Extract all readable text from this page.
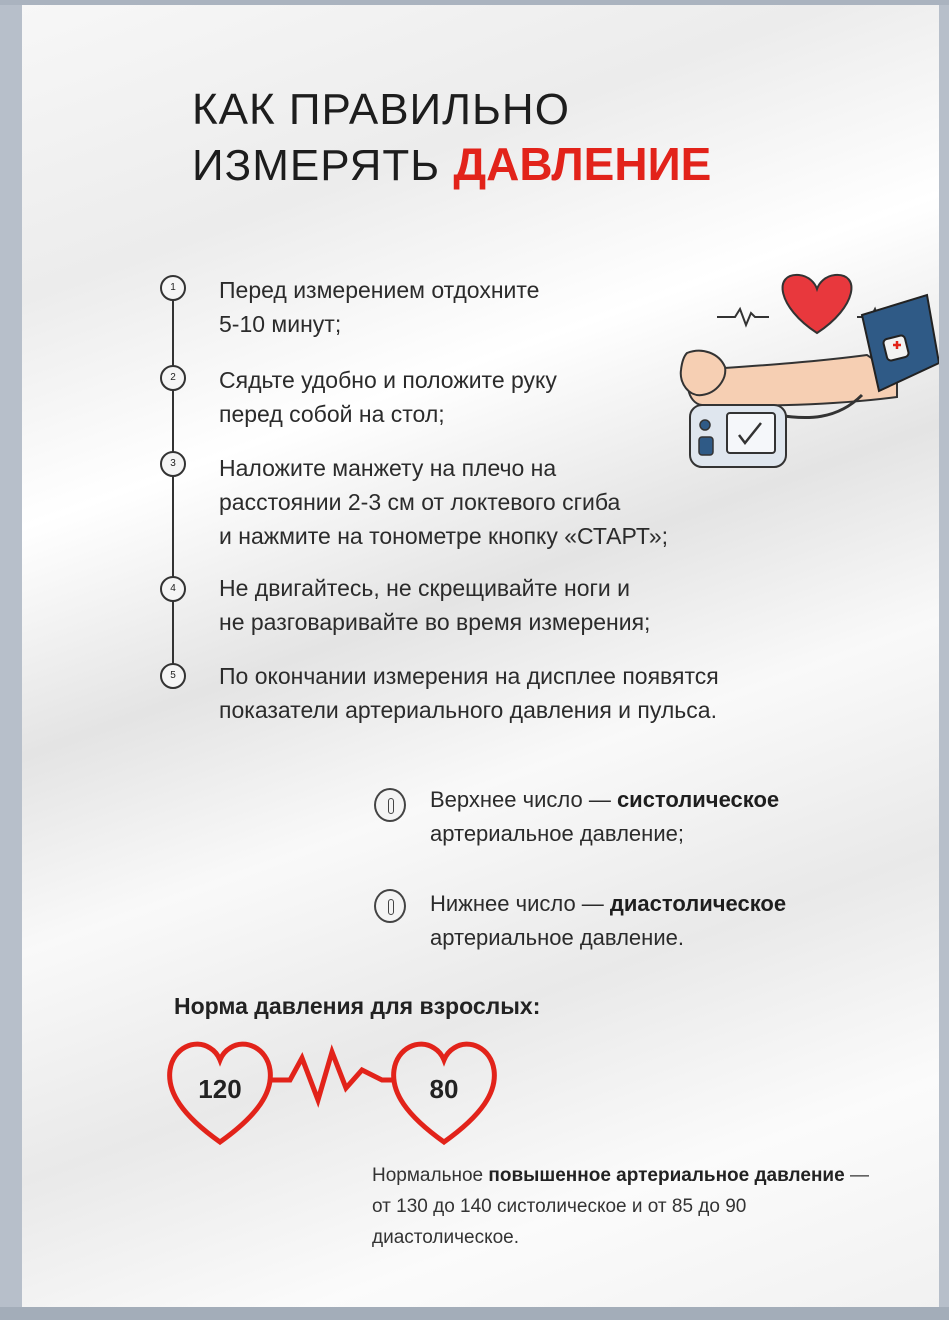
КАК ПРАВИЛЬНО
ИЗМЕРЯТЬ ДАВЛЕНИЕ
1	Перед измерением отдохните
5-10 минут;
2	Сядьте удобно и положите руку
перед собой на стол;
3	Наложите манжету на плечо на
расстоянии 2-3 см от локтевого сгиба
и нажмите на тонометре кнопку «СТАРТ»;
4	Не двигайтесь, не скрещивайте ноги и
не разговаривайте во время измерения;
5	По окончании измерения на дисплее появятся
показатели артериального давления и пульса.
Верхнее число — систолическое
артериальное давление;
Нижнее число — диастолическое
артериальное давление.
Норма давления для взрослых:
120	80
Нормальное повышенное артериальное давление — от 130 до 140 систолическое и от 85 до 90 диастолическое.
